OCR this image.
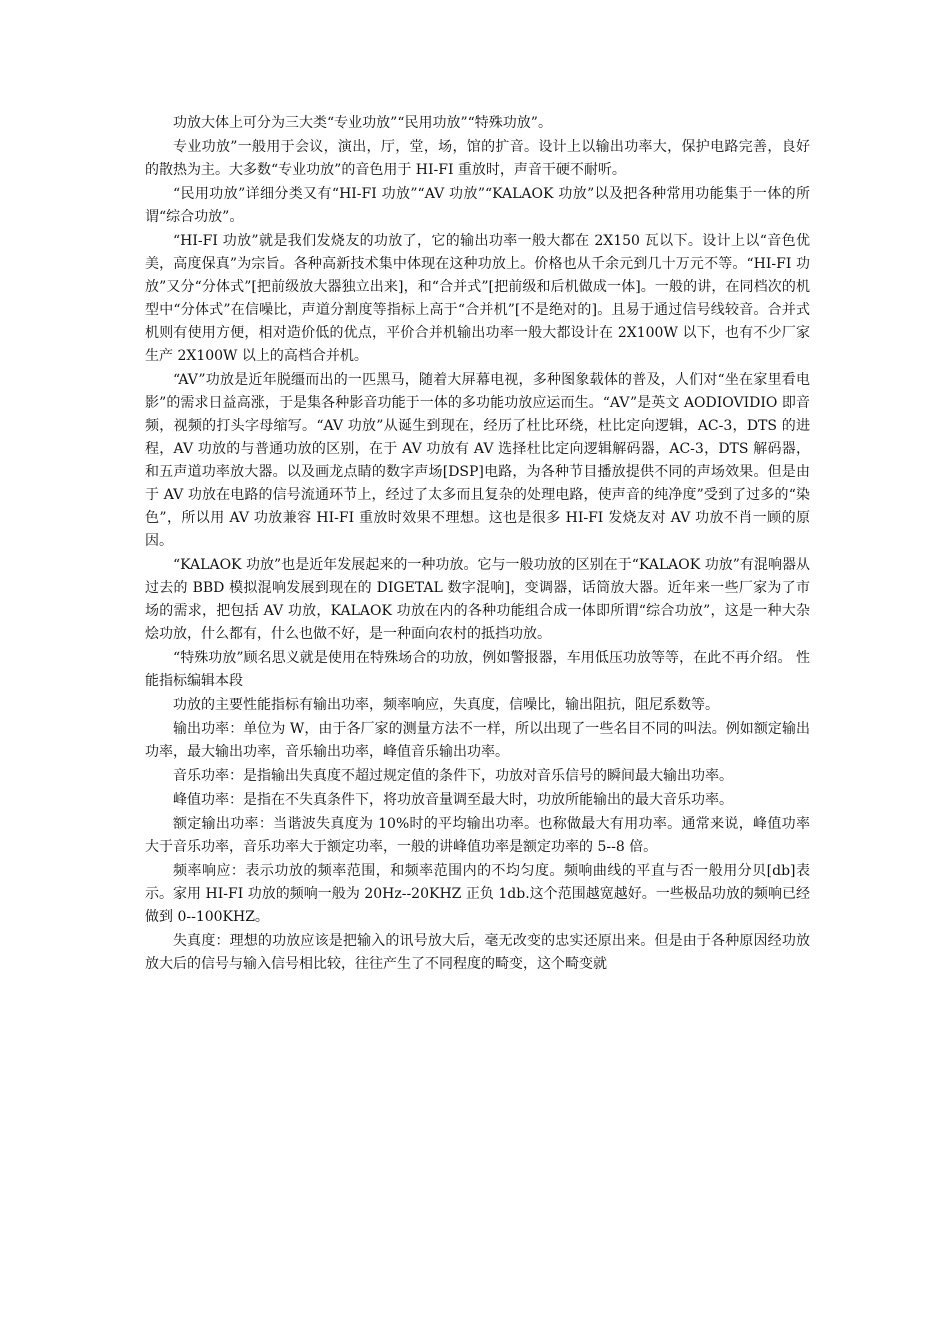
功放大体上可分为三大类“专业功放”“民用功放”“特殊功放”。

专业功放”一般用于会议，演出，厅，堂，场，馆的扩音。设计上以输出功率大，保护电路完善，良好的散热为主。大多数“专业功放”的音色用于 HI-FI 重放时，声音干硬不耐听。

“民用功放”详细分类又有“HI-FI 功放”“AV 功放”“KALAOK 功放”以及把各种常用功能集于一体的所谓“综合功放”。

“HI-FI 功放”就是我们发烧友的功放了，它的输出功率一般大都在 2X150 瓦以下。设计上以“音色优美，高度保真”为宗旨。各种高新技术集中体现在这种功放上。价格也从千余元到几十万元不等。“HI-FI 功放”又分“分体式”[把前级放大器独立出来]，和“合并式”[把前级和后机做成一体]。一般的讲，在同档次的机型中“分体式”在信噪比，声道分割度等指标上高于“合并机”[不是绝对的]。且易于通过信号线较音。合并式机则有使用方便，相对造价低的优点，平价合并机输出功率一般大都设计在 2X100W 以下，也有不少厂家生产 2X100W 以上的高档合并机。

“AV”功放是近年脱缰而出的一匹黑马，随着大屏幕电视，多种图象载体的普及，人们对“坐在家里看电影”的需求日益高涨，于是集各种影音功能于一体的多功能功放应运而生。“AV”是英文 AODIOVIDIO 即音频，视频的打头字母缩写。“AV 功放”从诞生到现在，经历了杜比环绕，杜比定向逻辑，AC-3，DTS 的进程，AV 功放的与普通功放的区别，在于 AV 功放有 AV 选择杜比定向逻辑解码器，AC-3，DTS 解码器，和五声道功率放大器。以及画龙点睛的数字声场[DSP]电路，为各种节目播放提供不同的声场效果。但是由于 AV 功放在电路的信号流通环节上，经过了太多而且复杂的处理电路，使声音的纯净度”受到了过多的“染色”，所以用 AV 功放兼容 HI-FI 重放时效果不理想。这也是很多 HI-FI 发烧友对 AV 功放不肖一顾的原因。

“KALAOK 功放”也是近年发展起来的一种功放。它与一般功放的区别在于“KALAOK 功放”有混响器从过去的 BBD 模拟混响发展到现在的 DIGETAL 数字混响]，变调器，话筒放大器。近年来一些厂家为了市场的需求，把包括 AV 功放，KALAOK 功放在内的各种功能组合成一体即所谓“综合功放”，这是一种大杂烩功放，什么都有，什么也做不好，是一种面向农村的抵挡功放。

“特殊功放”顾名思义就是使用在特殊场合的功放，例如警报器，车用低压功放等等，在此不再介绍。 性能指标编辑本段

功放的主要性能指标有输出功率，频率响应，失真度，信噪比，输出阻抗，阻尼系数等。

输出功率：单位为 W，由于各厂家的测量方法不一样，所以出现了一些名目不同的叫法。例如额定输出功率，最大输出功率，音乐输出功率，峰值音乐输出功率。

音乐功率：是指输出失真度不超过规定值的条件下，功放对音乐信号的瞬间最大输出功率。

峰值功率：是指在不失真条件下，将功放音量调至最大时，功放所能输出的最大音乐功率。

额定输出功率：当谐波失真度为 10%时的平均输出功率。也称做最大有用功率。通常来说，峰值功率大于音乐功率，音乐功率大于额定功率，一般的讲峰值功率是额定功率的 5--8 倍。

频率响应：表示功放的频率范围，和频率范围内的不均匀度。频响曲线的平直与否一般用分贝[db]表示。家用 HI-FI 功放的频响一般为 20Hz--20KHZ 正负 1db.这个范围越宽越好。一些极品功放的频响已经做到 0--100KHZ。

失真度：理想的功放应该是把输入的讯号放大后，毫无改变的忠实还原出来。但是由于各种原因经功放放大后的信号与输入信号相比较，往往产生了不同程度的畸变，这个畸变就
